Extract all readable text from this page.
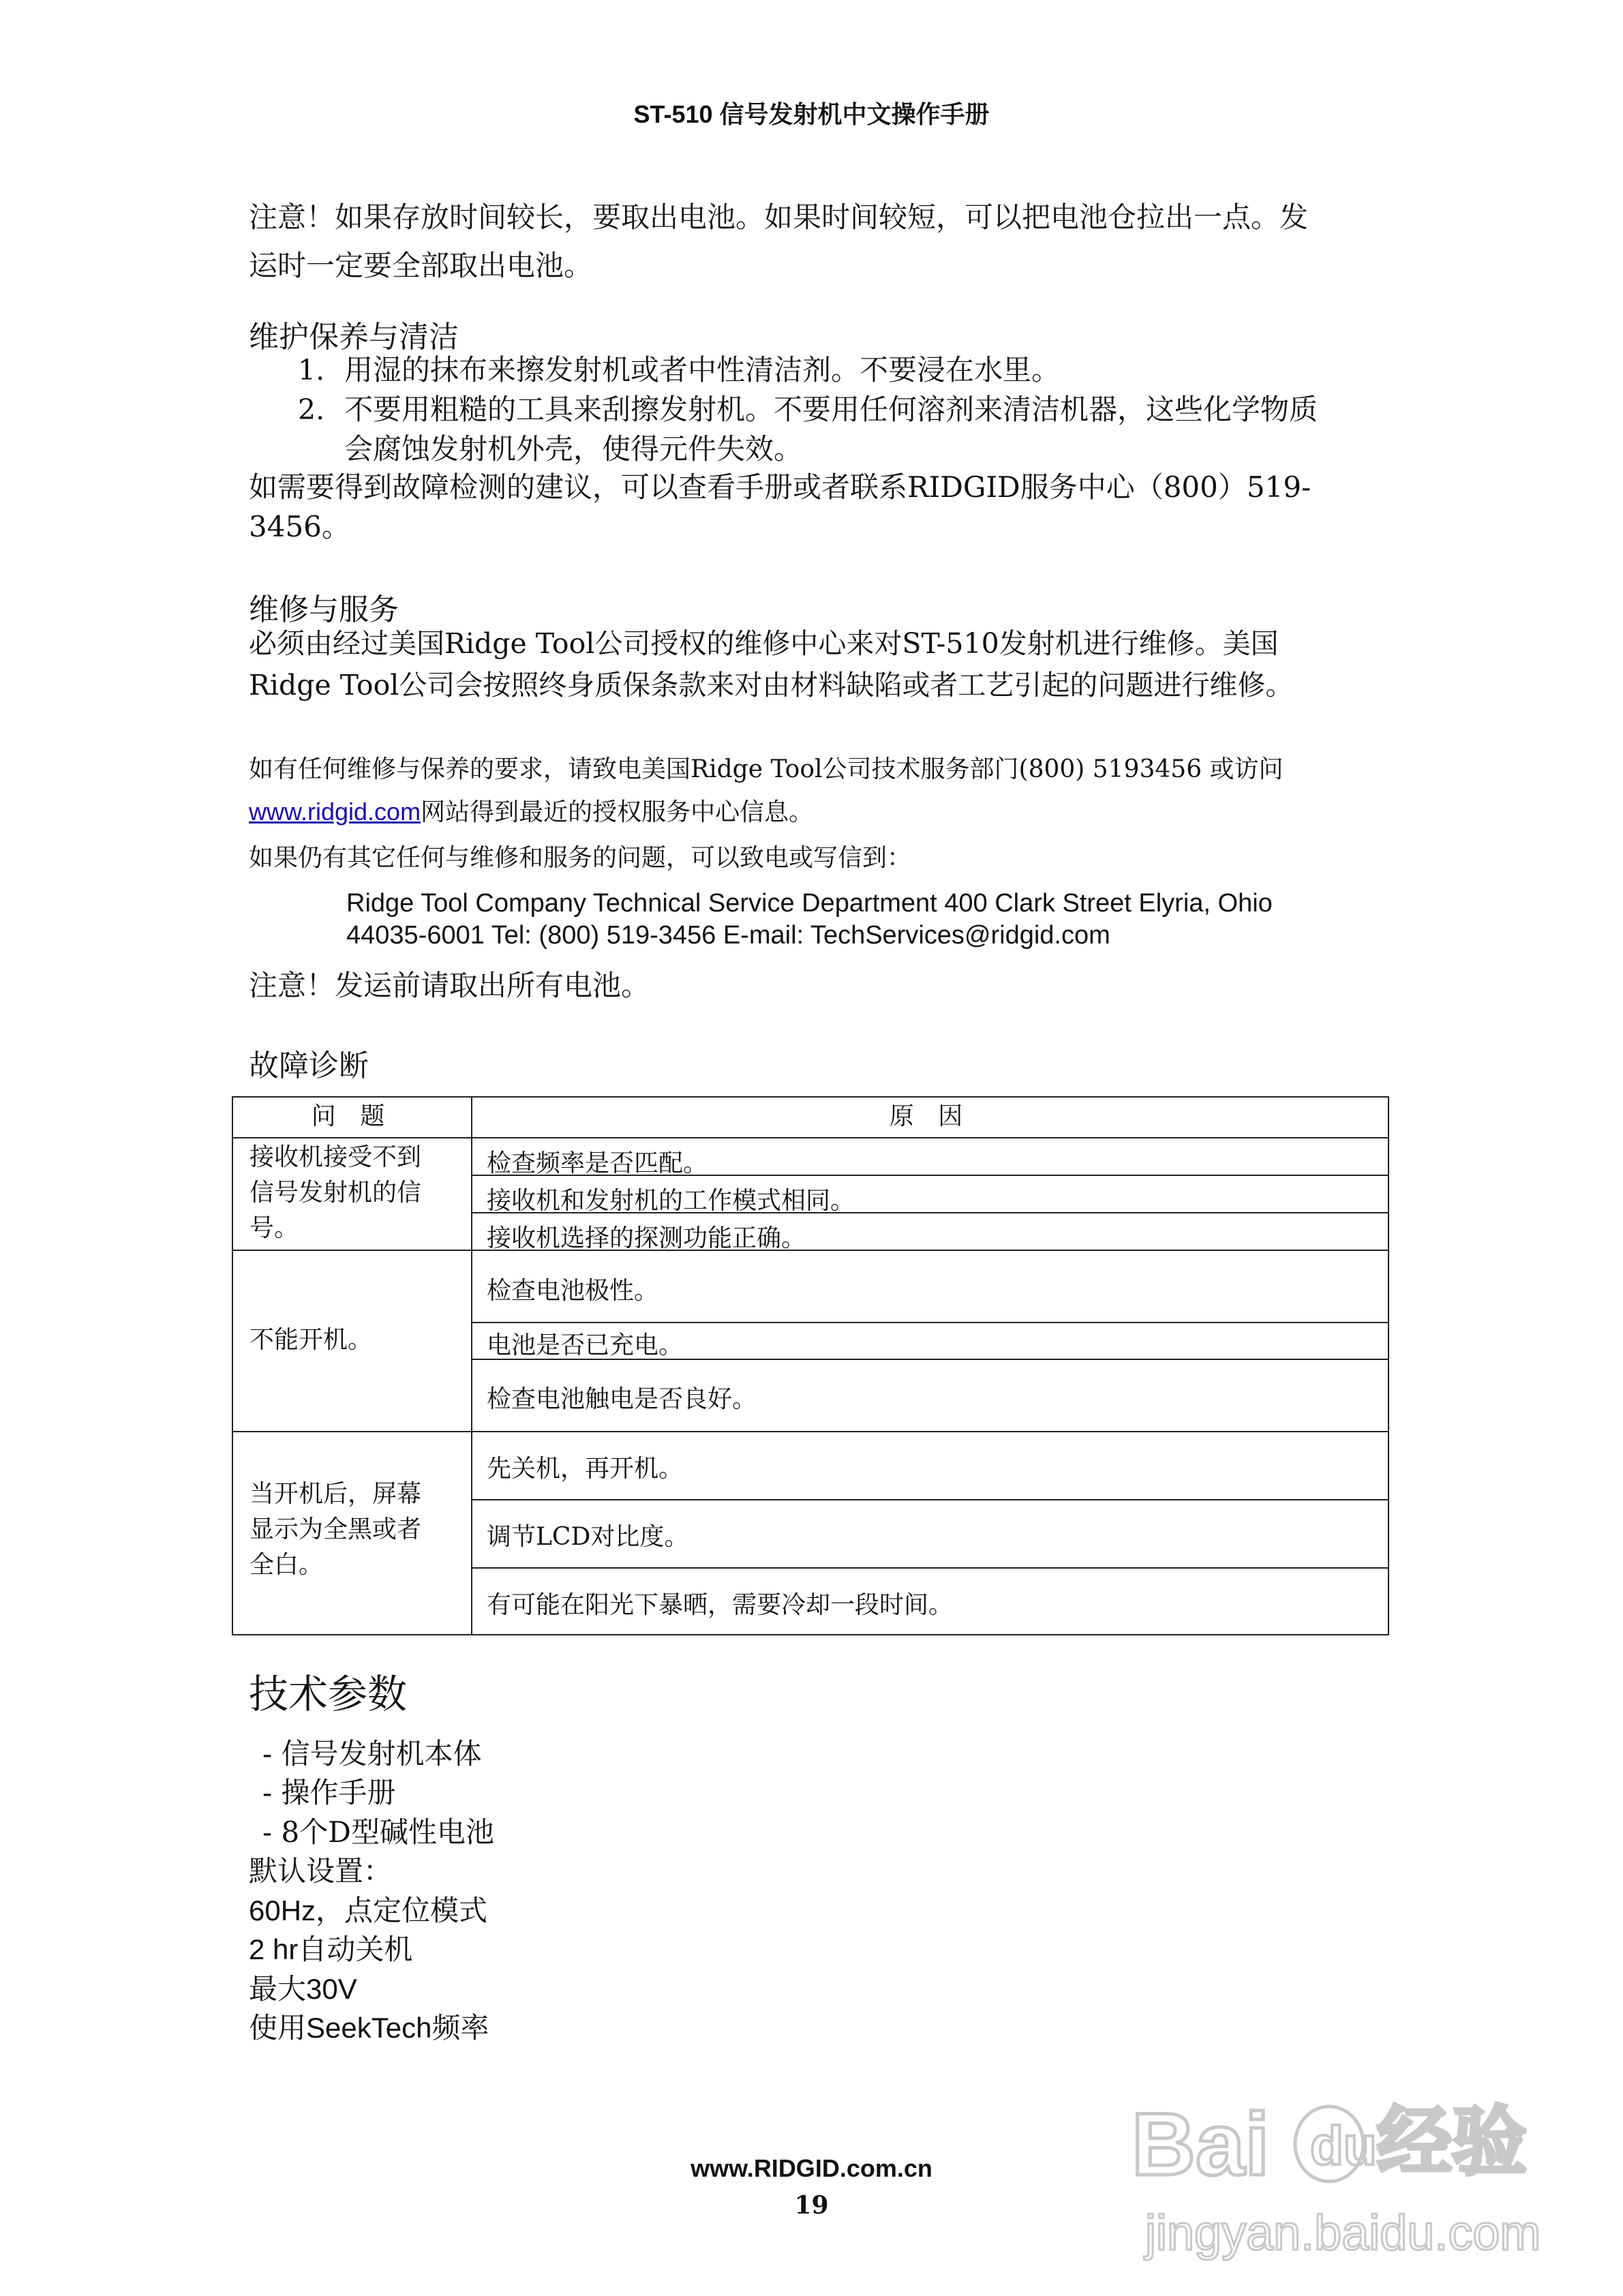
ST-510 信号发射机中文操作手册
注意！如果存放时间较长，要取出电池。如果时间较短，可以把电池仓拉出一点。发
运时一定要全部取出电池。
维护保养与清洁
1. 用湿的抹布来擦发射机或者中性清洁剂。不要浸在水里。
2. 不要用粗糙的工具来刮擦发射机。不要用任何溶剂来清洁机器，这些化学物质
会腐蚀发射机外壳，使得元件失效。
如需要得到故障检测的建议，可以查看手册或者联系RIDGID服务中心（800）519-
3456。
维修与服务
必须由经过美国Ridge Tool公司授权的维修中心来对ST-510发射机进行维修。美国
Ridge Tool公司会按照终身质保条款来对由材料缺陷或者工艺引起的问题进行维修。
如有任何维修与保养的要求，请致电美国Ridge Tool公司技术服务部门(800) 5193456 或访问
www.ridgid.com网站得到最近的授权服务中心信息。
如果仍有其它任何与维修和服务的问题，可以致电或写信到：
Ridge Tool Company Technical Service Department 400 Clark Street Elyria, Ohio
44035-6001 Tel: (800) 519-3456 E-mail: TechServices@ridgid.com
注意！发运前请取出所有电池。
故障诊断
问 题	原 因
接收机接受不到
信号发射机的信
号。
检查频率是否匹配。
接收机和发射机的工作模式相同。
接收机选择的探测功能正确。
不能开机。
检查电池极性。
电池是否已充电。
检查电池触电是否良好。
当开机后，屏幕
显示为全黑或者
全白。
先关机，再开机。
调节LCD对比度。
有可能在阳光下暴晒，需要冷却一段时间。
技术参数
- 信号发射机本体
- 操作手册
- 8个D型碱性电池
默认设置：
60Hz，点定位模式
2 hr自动关机
最大30V
使用SeekTech频率
www.RIDGID.com.cn
19
Bai du 经验
jingyan.baidu.com
